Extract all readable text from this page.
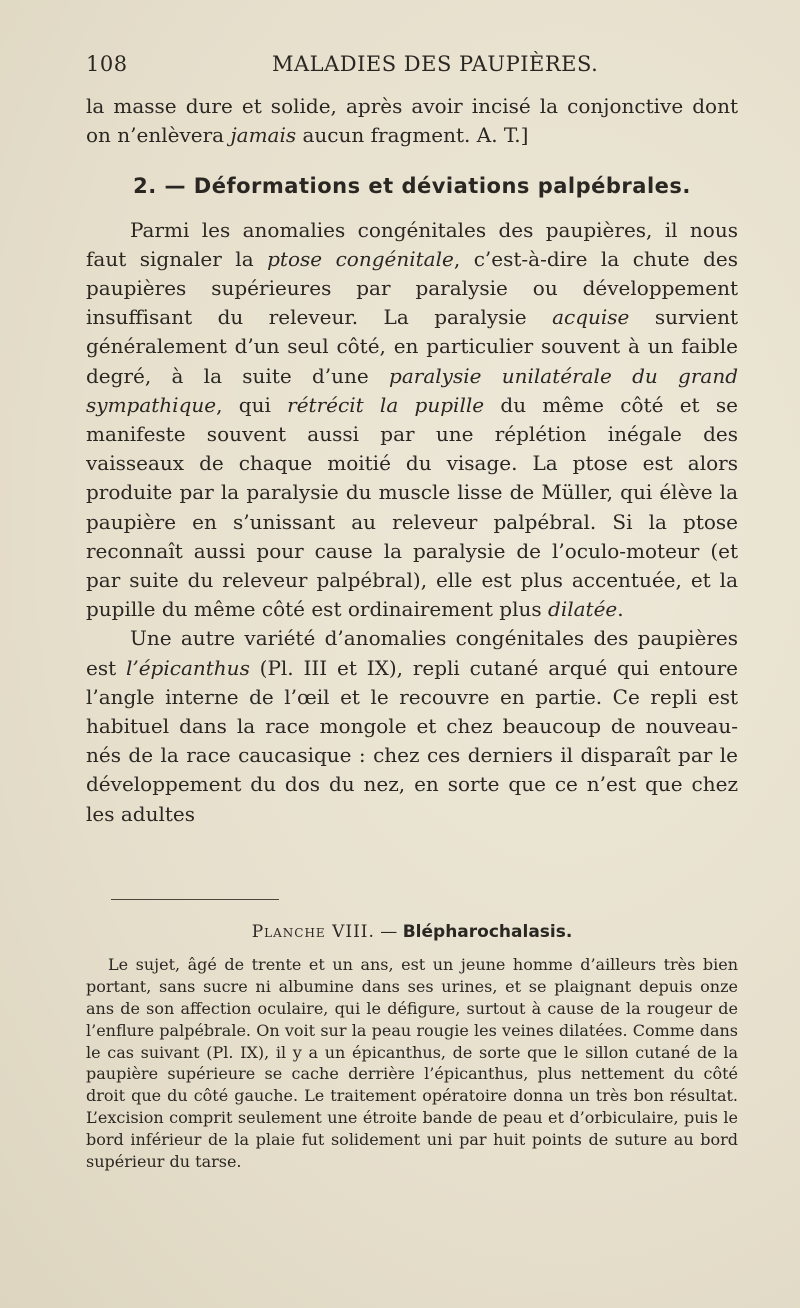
108	MALADIES DES PAUPIÈRES.

la masse dure et solide, après avoir incisé la conjonctive dont on n’enlèvera jamais aucun fragment. A. T.]

2. — Déformations et déviations palpébrales.

Parmi les anomalies congénitales des paupières, il nous faut signaler la ptose congénitale, c’est-à-dire la chute des paupières supérieures par paralysie ou développement insuffisant du releveur. La paralysie acquise survient généralement d’un seul côté, en particulier souvent à un faible degré, à la suite d’une paralysie unilatérale du grand sympathique, qui rétrécit la pupille du même côté et se manifeste souvent aussi par une réplétion inégale des vaisseaux de chaque moitié du visage. La ptose est alors produite par la paralysie du muscle lisse de Müller, qui élève la paupière en s’unissant au releveur palpébral. Si la ptose reconnaît aussi pour cause la paralysie de l’oculo-moteur (et par suite du releveur palpébral), elle est plus accentuée, et la pupille du même côté est ordinairement plus dilatée.

Une autre variété d’anomalies congénitales des paupières est l’épicanthus (Pl. III et IX), repli cutané arqué qui entoure l’angle interne de l’œil et le recouvre en partie. Ce repli est habituel dans la race mongole et chez beaucoup de nouveau-nés de la race caucasique : chez ces derniers il disparaît par le développement du dos du nez, en sorte que ce n’est que chez les adultes

Planche VIII. — Blépharochalasis.

Le sujet, âgé de trente et un ans, est un jeune homme d’ailleurs très bien portant, sans sucre ni albumine dans ses urines, et se plaignant depuis onze ans de son affection oculaire, qui le défigure, surtout à cause de la rougeur de l’enflure palpébrale. On voit sur la peau rougie les veines dilatées. Comme dans le cas suivant (Pl. IX), il y a un épicanthus, de sorte que le sillon cutané de la paupière supérieure se cache derrière l’épicanthus, plus nettement du côté droit que du côté gauche. Le traitement opératoire donna un très bon résultat. L’excision comprit seulement une étroite bande de peau et d’orbiculaire, puis le bord inférieur de la plaie fut solidement uni par huit points de suture au bord supérieur du tarse.
